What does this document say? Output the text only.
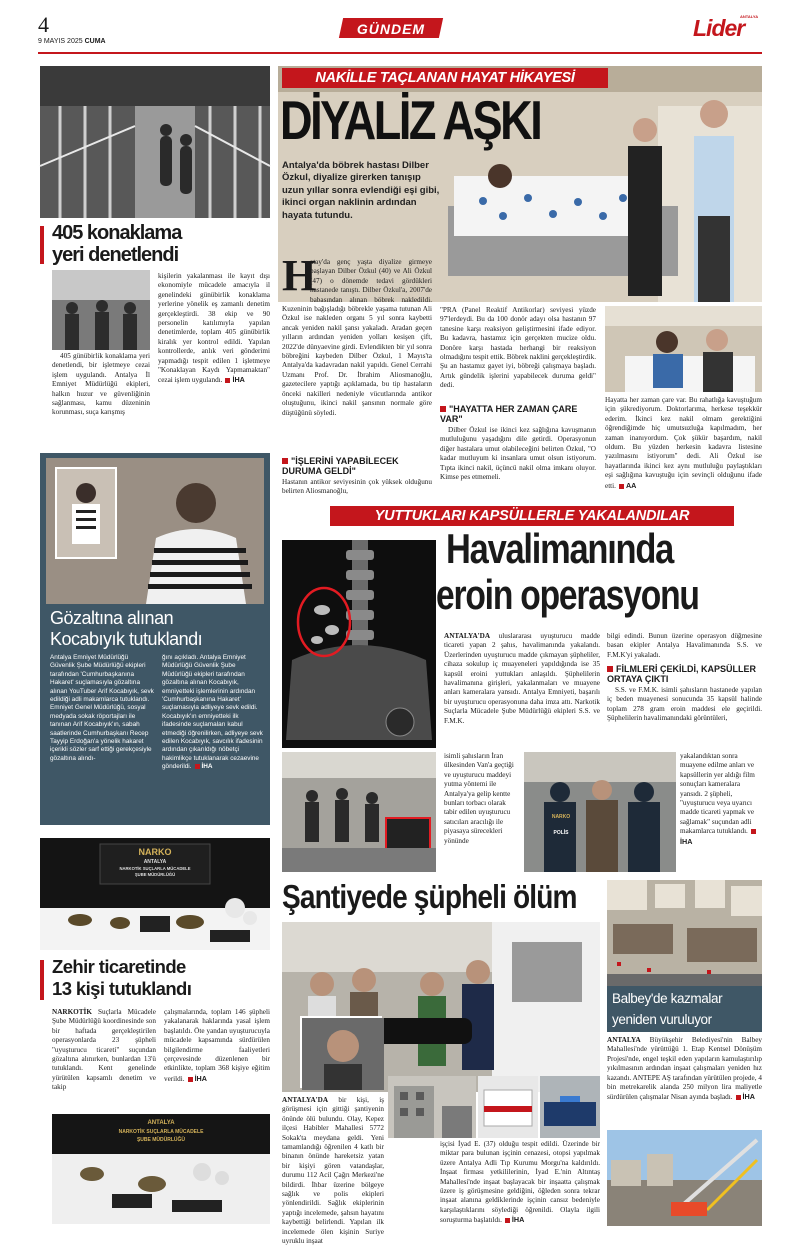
4
9 MAYIS 2025 CUMA
GÜNDEM
ANTALYA
Lider
405 konaklama
yeri denetlendi

405 günübirlik konaklama yeri denetlendi, bir işletmeye cezai işlem uygulandı. Antalya İl Emniyet Müdürlüğü ekipleri, halkın huzur ve güvenliğinin sağlanması, kamu düzeninin korunması, suça karışmış

kişilerin yakalanması ile kayıt dışı ekonomiyle mücadele amacıyla il genelindeki günübirlik konaklama yerlerine yönelik eş zamanlı denetim gerçekleştirdi. 38 ekip ve 90 personelin katılımıyla yapılan denetimlerde, toplam 405 günübirlik kiralık yer kontrol edildi. Yapılan kontrollerde, anlık veri gönderimi yapmadığı tespit edilen 1 işletmeye "Konaklayan Kaydı Yapmamaktan" cezai işlem uygulandı. İHA

Gözaltına alınan
Kocabıyık tutuklandı

Antalya Emniyet Müdürlüğü Güvenlik Şube Müdürlüğü ekipleri tarafından 'Cumhurbaşkanına Hakaret' suçlamasıyla gözaltına alınan YouTuber Arif Kocabıyık, sevk edildiği adli makamlarca tutuklandı. Emniyet Genel Müdürlüğü, sosyal medyada sokak röportajları ile tanınan Arif Kocabıyık'ın, sabah saatlerinde Cumhurbaşkanı Recep Tayyip Erdoğan'a yönelik hakaret içerikli sözler sarf ettiği gerekçesiyle gözaltına alındı-

ğını açıkladı. Antalya Emniyet Müdürlüğü Güvenlik Şube Müdürlüğü ekipleri tarafından gözaltına alınan Kocabıyık, emniyetteki işlemlerinin ardından 'Cumhurbaşkanına Hakaret' suçlamasıyla adliyeye sevk edildi. Kocabıyık'ın emniyetteki ilk ifadesinde suçlamaları kabul etmediği öğrenilirken, adliyeye sevk edilen Kocabıyık, savcılık ifadesinin ardından çıkarıldığı nöbetçi hakimlikçe tutuklanarak cezaevine gönderildi. İHA

NARKO
ANTALYA
NARKOTİK SUÇLARLA MÜCADELE
ŞUBE MÜDÜRLÜĞÜ
Zehir ticaretinde
13 kişi tutuklandı

NARKOTİK Suçlarla Mücadele Şube Müdürlüğü koordinesinde son bir haftada gerçekleştirilen operasyonlarda 23 şüpheli "uyuşturucu ticareti" suçundan gözaltına alınırken, bunlardan 13'ü tutuklandı. Kent genelinde yürütülen kapsamlı denetim ve takip

çalışmalarında, toplam 146 şüpheli yakalanarak haklarında yasal işlem başlatıldı. Öte yandan uyuşturucuyla mücadele kapsamında sürdürülen bilgilendirme faaliyetleri çerçevesinde düzenlenen bir etkinlikte, toplam 368 kişiye eğitim verildi. İHA

ANTALYA
NARKOTİK SUÇLARLA MÜCADELE
ŞUBE MÜDÜRLÜĞÜ
NAKİLLE TAÇLANAN HAYAT HİKAYESİ
DİYALİZ AŞKI
Antalya'da böbrek hastası Dilber Özkul, diyalize girerken tanışıp uzun yıllar sonra evlendiği eşi gibi, ikinci organ naklinin ardından hayata tutundu.
H

atay'da genç yaşta diyalize girmeye başlayan Dilber Özkul (40) ve Ali Özkul (47) o dönemde tedavi gördükleri hastanede tanıştı. Dilber Özkul'a, 2007'de babasından alınan böbrek nakledildi. Kuzeninin bağışladığı böbrekle yaşama tutunan Ali Özkul ise nakleden organı 5 yıl sonra kaybetti ancak yeniden nakil şansı yakaladı. Aradan geçen yılların ardından yeniden yolları kesişen çift, 2022'de dünyaevine girdi. Evlendikten bir yıl sonra böbreğini kaybeden Dilber Özkul, 1 Mayıs'ta Antalya'da kadavradan nakil yapıldı. Genel Cerrahi Uzmanı Prof. Dr. İbrahim Aliosmanoğlu, gazetecilere yaptığı açıklamada, bu tip hastaların önceki nakilleri nedeniyle vücutlarında antikor oluştuğunu, ikinci nakil şansının normale göre düştüğünü söyledi.

"İŞLERİNİ YAPABİLECEK DURUMA GELDİ"

Hastanın antikor seviyesinin çok yüksek olduğunu belirten Aliosmanoğlu,

"PRA (Panel Reaktif Antikorlar) seviyesi yüzde 97'lerdeydi. Bu da 100 donör adayı olsa hastanın 97 tanesine karşı reaksiyon geliştirmesini ifade ediyor. Bu kadavra, hastamız için gerçekten mucize oldu. Donöre karşı hastada herhangi bir reaksiyon olmadığını tespit ettik. Böbrek naklini gerçekleştirdik. Şu an hastamız gayet iyi, böbreği çalışmaya başladı. Artık gündelik işlerini yapabilecek duruma geldi" dedi.

"HAYATTA HER ZAMAN ÇARE VAR"

Dilber Özkul ise ikinci kez sağlığına kavuşmanın mutluluğunu yaşadığını dile getirdi. Operasyonun diğer hastalara umut olabileceğini belirten Özkul, "O kadar mutluyum ki insanlara umut olsun istiyorum. Tıpta ikinci nakil, üçüncü nakil olma imkanı oluyor. Kimse pes etmemeli.

Hayatta her zaman çare var. Bu rahatlığa kavuştuğum için şükrediyorum. Doktorlarıma, herkese teşekkür ederim. İkinci kez nakil olmam gerektiğini öğrendiğimde hiç umutsuzluğa kapılmadım, her zaman inanıyordum. Çok şükür başardım, nakil oldum. Bu yüzden herkesin kadavra listesine yazılmasını istiyorum" dedi. Ali Özkul ise hayatlarında ikinci kez aynı mutluluğu paylaştıkları eşi sağlığına kavuştuğu için sevinçli olduğunu ifade etti. AA

YUTTUKLARI KAPSÜLLERLE YAKALANDILAR
Havalimanında
eroin operasyonu

ANTALYA'DA uluslararası uyuşturucu madde ticareti yapan 2 şahıs, havalimanında yakalandı. Üzerlerinden uyuşturucu madde çıkmayan şüpheliler, cihaza sokulup iç muayeneleri yapıldığında ise 35 kapsül eroini yuttukları anlaşıldı. Şüphelilerin havalimanına girişleri, yakalanmaları ve muayene anları kameralara yansıdı. Antalya Emniyeti, başarılı bir uyuşturucu operasyonuna daha imza attı. Narkotik Suçlarla Mücadele Şube Müdürlüğü ekipleri S.S. ve F.M.K.

isimli şahısların İran ülkesinden Van'a geçtiği ve uyuşturucu maddeyi yutma yöntemi ile Antalya'ya gelip kentte bunları torbacı olarak tabir edilen uyuşturucu satıcıları aracılığı ile piyasaya sürecekleri yönünde

POLİS
NARKO

bilgi edindi. Bunun üzerine operasyon düğmesine basan ekipler Antalya Havalimanında S.S. ve F.M.K'yi yakaladı.

FİLMLERİ ÇEKİLDİ, KAPSÜLLER ORTAYA ÇIKTI

S.S. ve F.M.K. isimli şahısların hastanede yapılan iç beden muayenesi sonucunda 35 kapsül halinde toplam 278 gram eroin maddesi ele geçirildi. Şüphelilerin havalimanındaki görüntüleri,

yakalandıktan sonra muayene edilme anları ve kapsüllerin yer aldığı film sonuçları kameralara yansıdı. 2 şüpheli, "uyuşturucu veya uyarıcı madde ticareti yapmak ve sağlamak" suçundan adli makamlarca tutuklandı.İHA

Şantiyede şüpheli ölüm

ANTALYA'DA bir kişi, iş görüşmesi için gittiği şantiyenin önünde ölü bulundu. Olay, Kepez ilçesi Habibler Mahallesi 5772 Sokak'ta meydana geldi. Yeni tamamlandığı öğrenilen 4 katlı bir binanın önünde hareketsiz yatan bir kişiyi gören vatandaşlar, durumu 112 Acil Çağrı Merkezi'ne bildirdi. İhbar üzerine bölgeye sağlık ve polis ekipleri yönlendirildi. Sağlık ekiplerinin yaptığı incelemede, şahsın hayatını kaybettiği belirlendi. Yapılan ilk incelemede ölen kişinin Suriye uyruklu inşaat

işçisi İyad E. (37) olduğu tespit edildi. Üzerinde bir miktar para bulunan işçinin cenazesi, otopsi yapılmak üzere Antalya Adli Tıp Kurumu Morgu'na kaldırıldı. İnşaat firması yetkililerinin, İyad E.'nin Altıntaş Mahallesi'nde inşaat başlayacak bir inşaatta çalışmak üzere iş görüşmesine geldiğini, öğleden sonra tekrar inşaat alanına geldiklerinde işçinin cansız bedeniyle karşılaştıklarını söylediği öğrenildi. Olayla ilgili soruşturma başlatıldı. İHA

Balbey'de kazmalar
yeniden vuruluyor

ANTALYA Büyükşehir Belediyesi'nin Balbey Mahallesi'nde yürüttüğü 1. Etap Kentsel Dönüşüm Projesi'nde, engel teşkil eden yapıların kamulaştırılıp yıkılmasının ardından inşaat çalışmaları yeniden hız kazandı. ANTEPE AŞ tarafından yürütülen projede, 4 bin metrekarelik alanda 250 milyon lira maliyetle sürdürülen çalışmalar Nisan ayında başladı. İHA
